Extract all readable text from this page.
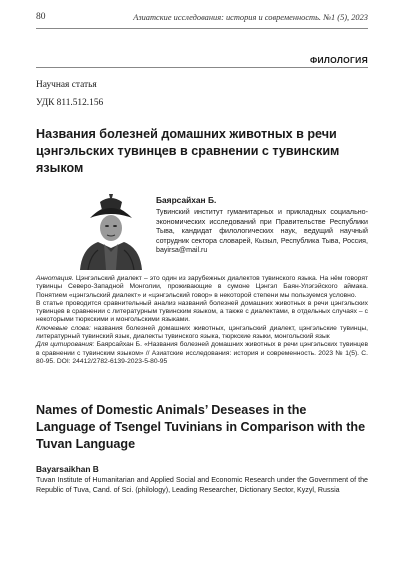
80	Азиатские исследования: история и современность. №1 (5), 2023
ФИЛОЛОГИЯ
Научная статья
УДК 811.512.156
Названия болезней домашних животных в речи цэнгэльских тувинцев в сравнении с тувинским языком
Баярсайхан Б.
Тувинский институт гуманитарных и прикладных социально-экономических исследований при Правительстве Республики Тыва, кандидат филологических наук, ведущий научный сотрудник сектора словарей, Кызыл, Республика Тыва, Россия, bayirsa@mail.ru

Аннотация. Цэнгэльский диалект – это один из зарубежных диалектов тувинского языка. На нём говорят тувинцы Северо-Западной Монголии, проживающие в сумоне Цэнгэл Баян-Улэгэйского аймака. Понятием «цэнгэльский диалект» и «цэнгэльский говор» в некоторой степени мы пользуемся условно.

В статье проводится сравнительный анализ названий болезней домашних животных в речи цэнгэльских тувинцев в сравнении с литературным тувинским языком, а также с диалектами, в отдельных случаях – с некоторыми тюркскими и монгольскими языками.

Ключевые слова: названия болезней домашних животных, цэнгэльский диалект, цэнгэльские тувинцы, литературный тувинский язык, диалекты тувинского языка, тюркские языки, монгольский язык

Для цитирования: Баярсайхан Б. «Названия болезней домашних животных в речи цэнгэльских тувинцев в сравнении с тувинским языком» // Азиатские исследования: история и современность. 2023 № 1(5). С. 80-95. DOI: 24412/2782-6139-2023-5-80-95

Names of Domestic Animals’ Deseases in the Language of Tsengel Tuvinians in Comparison with the Tuvan Language
Bayarsaikhan B
Tuvan Institute of Humanitarian and Applied Social and Economic Research under the Government of the Republic of Tuva, Cand. of Sci. (philology), Leading Researcher, Dictionary Sector, Kyzyl, Russia
